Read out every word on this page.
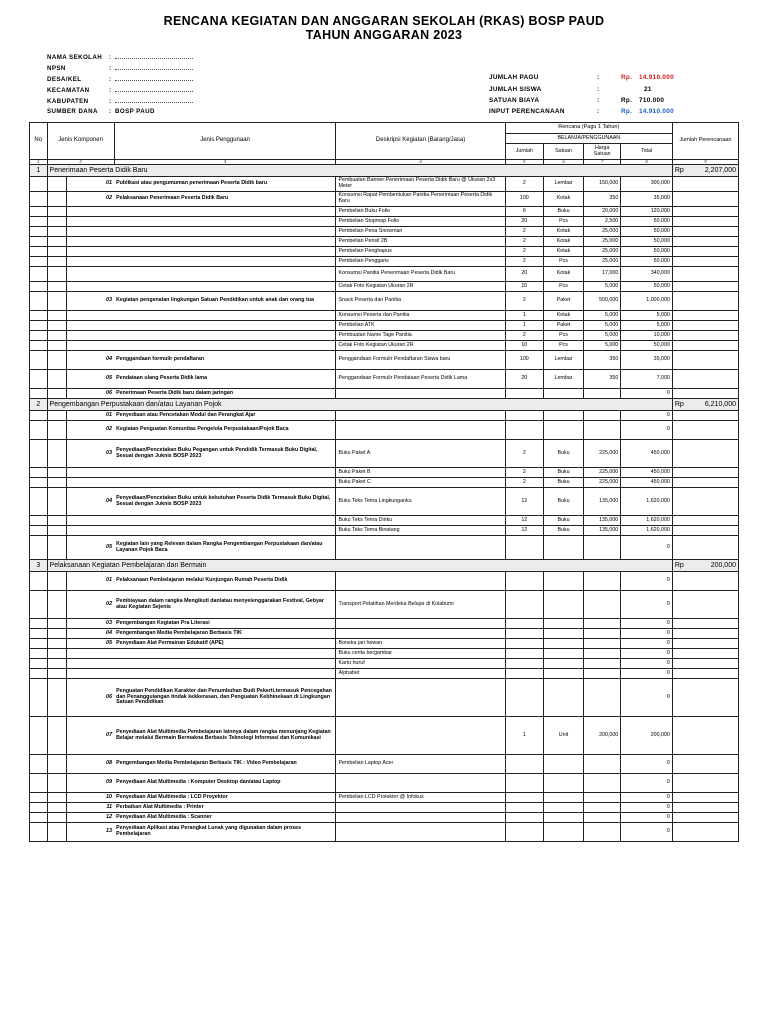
RENCANA KEGIATAN DAN ANGGARAN SEKOLAH (RKAS) BOSP PAUD
TAHUN ANGGARAN 2023
NAMA SEKOLAH :
NPSN	:
DESA/KEL	:
KECAMATAN	:
KABUPATEN	:
SUMBER DANA : BOSP PAUD
JUMLAH PAGU	:	Rp. 14.910.000
JUMLAH SISWA	:	21
SATUAN BIAYA	:	Rp. 710.000
INPUT PERENCANAAN	:	Rp. 14.910.000
No	Jenis Komponen		Jenis Penggunaan	Deskripsi Kegiatan (Barang/Jasa)	Rencana (Pagu 1 Tahun)				Jumlah Perencanaan
					BELANJA/PENGGUNAAN				
					Jumlah	Satuan	Harga Satuan	Total	
1	2		3	4	5	6	7	8	9
1	Penerimaan Peserta Didik Baru								Rp 2,207,000

		01	Publikasi atau pengumuman penerimaan Peserta Didik baru	Pembuatan Banner Penerimaan Peserta Didik Baru @ Ukuran 2x3 Meter	2	Lembar	150,000	300,000	
		02	Pelaksanaan Penerimaan Peserta Didik Baru	Konsumsi Rapat Pembentukan Panitia Penerimaan Peserta Didik Baru	100	Kotak	350	35,000	
				Pembelian Buku Folio	6	Buku	20,000	120,000	
				Pembelian Stopmap Folio	20	Pcs	2,500	50,000	
				Pembelian Pena Snowman	2	Kotak	25,000	50,000	
				Pembelian Pensil 2B	2	Kotak	25,000	50,000	
				Pembelian Penghapus	2	Kotak	25,000	50,000	
				Pembelian Penggaris	2	Pcs	25,000	50,000	
				Konsumsi Panitia Penerimaan Peserta Didik Baru	20	Kotak	17,000	340,000	
				Cetak Foto Kegiatan Ukuran 2R	10	Pcs	5,000	50,000	
		03	Kegiatan pengenalan lingkungan Satuan Pendidikan untuk anak dan orang tua	Snack Peserta dan Panitia	2	Paket	500,000	1,000,000	
				Konsumsi Peserta dan Panitia	1	Kotak	5,000	5,000	
				Pembelian ATK	1	Paket	5,000	5,000	
				Pembuatan Name Tage Panitia	2	Pcs	5,000	10,000	
				Cetak Foto Kegiatan Ukuran 2R	10	Pcs	5,000	50,000	
		04	Penggandaan formulir pendaftaran	Penggandaan Formulir Pendaftaran Siswa baru	100	Lembar	350	35,000	
		05	Pendataan ulang Peserta Didik lama	Penggandaan Formulir Pendataan Peserta Didik Lama	20	Lembar	350	7,000	
		06	Penerimaan Peserta Didik baru dalam jaringan					0	
2	Pengembangan Perpustakaan dan/atau Layanan Pojok								Rp 6,210,000

		01	Penyediaan atau Pencetakan Modul dan Perangkat Ajar					0	
		02	Kegiatan Penguatan Komunitas Pengelola Perpustakaan/Pojok Baca					0	
		03	Penyediaan/Pencetakan Buku Pegangan untuk Pendidik Termasuk Buku Digital, Sesuai dengan Juknis BOSP 2023	Buku Paket A	2	Buku	225,000	450,000	
				Buku Paket B	2	Buku	225,000	450,000	
				Buku Paket C	2	Buku	225,000	450,000	
		04	Penyediaan/Pencetakan Buku untuk kebutuhan Peserta Didik Termasuk Buku Digital, Sesuai dengan Juknis BOSP 2023	Buku Teks Tema Lingkunganku	12	Buku	135,000	1,620,000	
				Buku Teks Tema Diriku	12	Buku	135,000	1,620,000	
				Buku Teks Tema Binatang	12	Buku	135,000	1,620,000	
		05	Kegiatan lain yang Relevan dalam Rangka Pengembangan Perpustakaan dan/atau Layanan Pojok Baca					0	
3	Pelaksanaan Kegiatan Pembelajaran dan Bermain								Rp 200,000

		01	Pelaksanaan Pembelajaran melalui Kunjungan Rumah Peserta Didik					0	
		02	Pembiayaan dalam rangka Mengikuti dan/atau menyelenggarakan Festival, Gebyar atau Kegiatan Sejenis	Transport Pelatihan Merdeka Belajar di Kolabumi				0	
		03	Pengembangan Kegiatan Pra Literasi					0	
		04	Pengembangan Media Pembelajaran Berbasis TIK					0	
		05	Penyediaan Alat Permainan Edukatif (APE)	Boneka jari hewan				0	
				Buku cerita bergambar				0	
				Kartu huruf				0	
				Alphabet				0	
		06	Penguatan Pendidikan Karakter dan Penumbuhan Budi Pekerti,termasuk Pencegahan dan Penanggulangan tindak kekkerasan, dan Penguatan Kebhinekaan di Lingkungan Satuan Pendidikan					0	
		07	Penyediaan Alat Multimedia Pembelajaran lainnya dalam rangka menunjang Kegiatan Belajar melalui Bermain Bermakna Berbasis Teknologi Informasi dan Komunikasi		1	Unit	200,000	200,000	
		08	Pengembangan Media Pembelajaran Berbasis TIK : Video Pembelajaran	Pembelian Laptop Acer				0	
		09	Penyediaan Alat Multimedia : Komputer Desktop dan/atau Laptop					0	
		10	Penyediaan Alat Multimedia : LCD Proyektor	Pembelian LCD Proiektor @ Infokus				0	
		11	Perbaikan Alat Multimedia : Printer					0	
		12	Penyediaan Alat Multimedia : Scanner					0	
		13	Penyediaan Aplikasi atau Perangkat Lunak yang digunakan dalam proses Pembelajaran					0	
